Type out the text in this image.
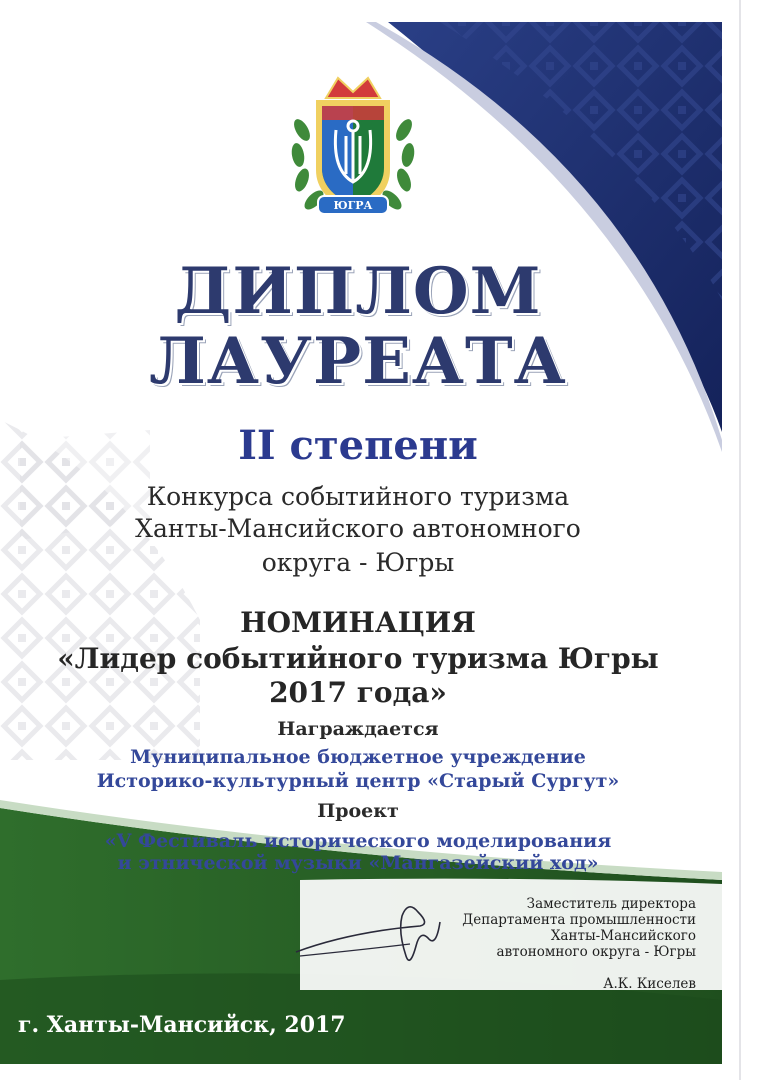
ЮГРА
ДИПЛОМ
ЛАУРЕАТА
II степени
Конкурса событийного туризма
Ханты-Мансийского автономного
округа - Югры
НОМИНАЦИЯ
«Лидер событийного туризма Югры
2017 года»
Награждается
Муниципальное бюджетное учреждение
Историко-культурный центр «Старый Сургут»
Проект
«V Фестиваль исторического моделирования
и этнической музыки «Мангазейский ход»
Заместитель директора
Департамента промышленности
Ханты-Мансийского
автономного округа - Югры
А.К. Киселев
г. Ханты-Мансийск, 2017
